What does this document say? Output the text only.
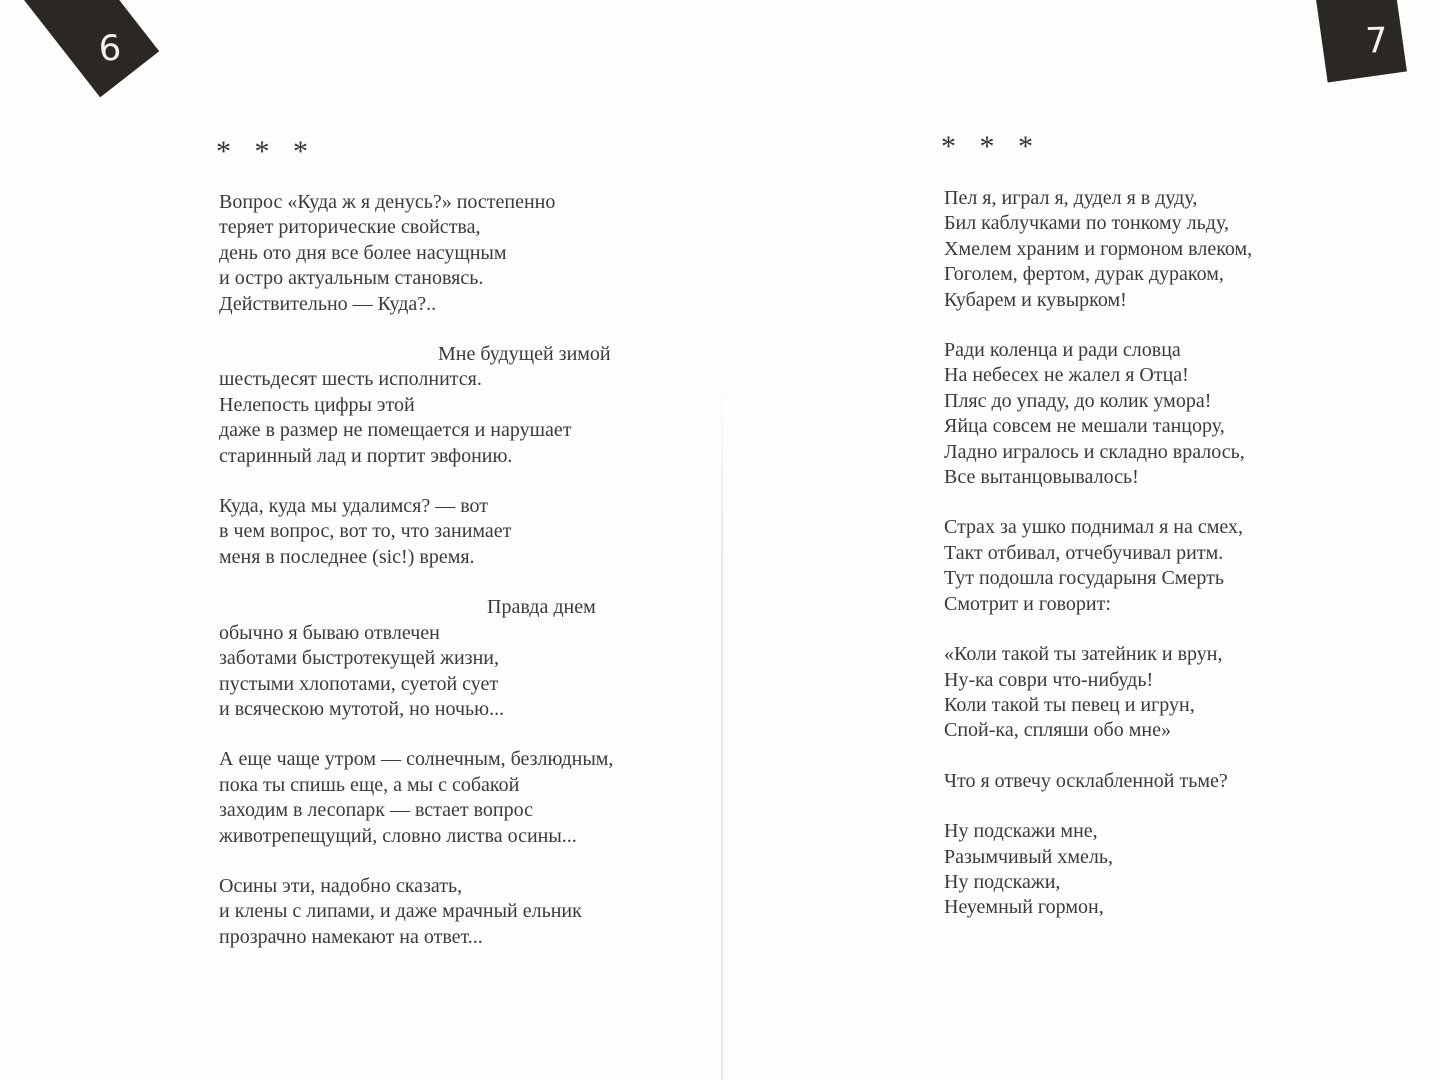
6	7
* * *	* * *
Вопрос «Куда ж я денусь?» постепенно
теряет риторические свойства,
день ото дня все более насущным
и остро актуальным становясь.
Действительно — Куда?..
Мне будущей зимой
шестьдесят шесть исполнится.
Нелепость цифры этой
даже в размер не помещается и нарушает
старинный лад и портит эвфонию.
Куда, куда мы удалимся? — вот
в чем вопрос, вот то, что занимает
меня в последнее (sic!) время.
Правда днем
обычно я бываю отвлечен
заботами быстротекущей жизни,
пустыми хлопотами, суетой сует
и всяческою мутотой, но ночью...
А еще чаще утром — солнечным, безлюдным,
пока ты спишь еще, а мы с собакой
заходим в лесопарк — встает вопрос
животрепещущий, словно листва осины...
Осины эти, надобно сказать,
и клены с липами, и даже мрачный ельник
прозрачно намекают на ответ...
Пел я, играл я, дудел я в дуду,
Бил каблучками по тонкому льду,
Хмелем храним и гормоном влеком,
Гоголем, фертом, дурак дураком,
Кубарем и кувырком!
Ради коленца и ради словца
На небесех не жалел я Отца!
Пляс до упаду, до колик умора!
Яйца совсем не мешали танцору,
Ладно игралось и складно вралось,
Все вытанцовывалось!
Страх за ушко поднимал я на смех,
Такт отбивал, отчебучивал ритм.
Тут подошла государыня Смерть
Смотрит и говорит:
«Коли такой ты затейник и врун,
Ну-ка соври что-нибудь!
Коли такой ты певец и игрун,
Спой-ка, спляши обо мне»
Что я отвечу осклабленной тьме?
Ну подскажи мне,
Разымчивый хмель,
Ну подскажи,
Неуемный гормон,
